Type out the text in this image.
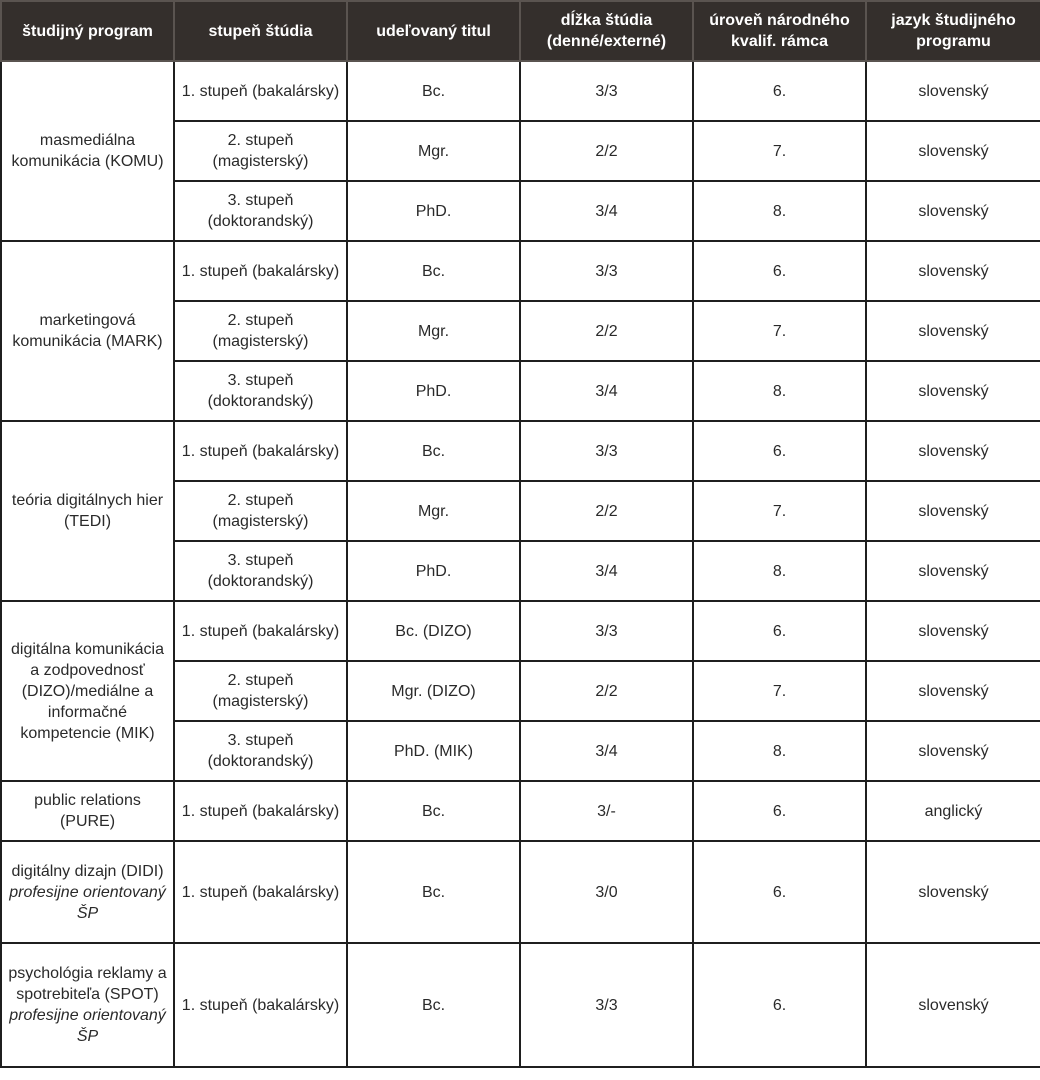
študijný program	stupeň štúdia	udeľovaný titul	dĺžka štúdia (denné/externé)	úroveň národného kvalif. rámca	jazyk študijného programu

masmediálna komunikácia (KOMU)	1. stupeň (bakalársky)	Bc.	3/3	6.	slovenský
	2. stupeň (magisterský)	Mgr.	2/2	7.	slovenský
	3. stupeň (doktorandský)	PhD.	3/4	8.	slovenský

marketingová komunikácia (MARK)	1. stupeň (bakalársky)	Bc.	3/3	6.	slovenský
	2. stupeň (magisterský)	Mgr.	2/2	7.	slovenský
	3. stupeň (doktorandský)	PhD.	3/4	8.	slovenský

teória digitálnych hier (TEDI)	1. stupeň (bakalársky)	Bc.	3/3	6.	slovenský
	2. stupeň (magisterský)	Mgr.	2/2	7.	slovenský
	3. stupeň (doktorandský)	PhD.	3/4	8.	slovenský

digitálna komunikácia a zodpovednosť (DIZO)/mediálne a informačné kompetencie (MIK)	1. stupeň (bakalársky)	Bc. (DIZO)	3/3	6.	slovenský
	2. stupeň (magisterský)	Mgr. (DIZO)	2/2	7.	slovenský
	3. stupeň (doktorandský)	PhD. (MIK)	3/4	8.	slovenský

public relations (PURE)	1. stupeň (bakalársky)	Bc.	3/-	6.	anglický

digitálny dizajn (DIDI)
profesijne orientovaný ŠP	1. stupeň (bakalársky)	Bc.	3/0	6.	slovenský

psychológia reklamy a spotrebiteľa (SPOT)
profesijne orientovaný ŠP	1. stupeň (bakalársky)	Bc.	3/3	6.	slovenský
